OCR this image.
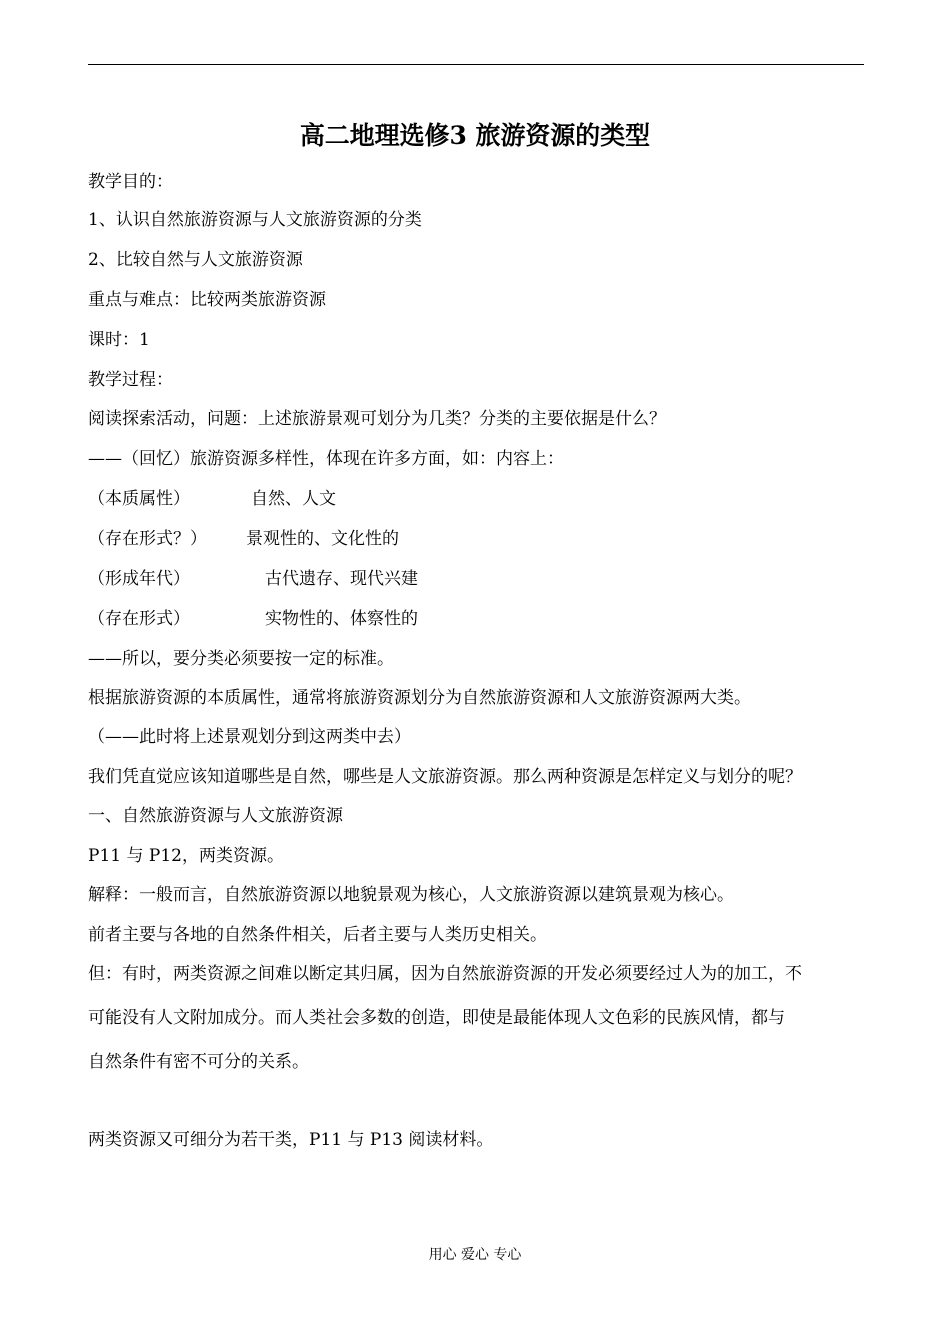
高二地理选修3 旅游资源的类型
教学目的：
1、认识自然旅游资源与人文旅游资源的分类
2、比较自然与人文旅游资源
重点与难点：比较两类旅游资源
课时：1
教学过程：
阅读探索活动，问题：上述旅游景观可划分为几类？分类的主要依据是什么？
——（回忆）旅游资源多样性，体现在许多方面，如：内容上：
（本质属性）	自然、人文
（存在形式？） 景观性的、文化性的
（形成年代）	古代遗存、现代兴建
（存在形式）	实物性的、体察性的
——所以，要分类必须要按一定的标准。
根据旅游资源的本质属性，通常将旅游资源划分为自然旅游资源和人文旅游资源两大类。
（——此时将上述景观划分到这两类中去）
我们凭直觉应该知道哪些是自然，哪些是人文旅游资源。那么两种资源是怎样定义与划分的呢？
一、自然旅游资源与人文旅游资源
P11 与 P12，两类资源。
解释：一般而言，自然旅游资源以地貌景观为核心，人文旅游资源以建筑景观为核心。
前者主要与各地的自然条件相关，后者主要与人类历史相关。
但：有时，两类资源之间难以断定其归属，因为自然旅游资源的开发必须要经过人为的加工，不
可能没有人文附加成分。而人类社会多数的创造，即使是最能体现人文色彩的民族风情，都与
自然条件有密不可分的关系。
两类资源又可细分为若干类，P11 与 P13 阅读材料。
用心 爱心 专心
